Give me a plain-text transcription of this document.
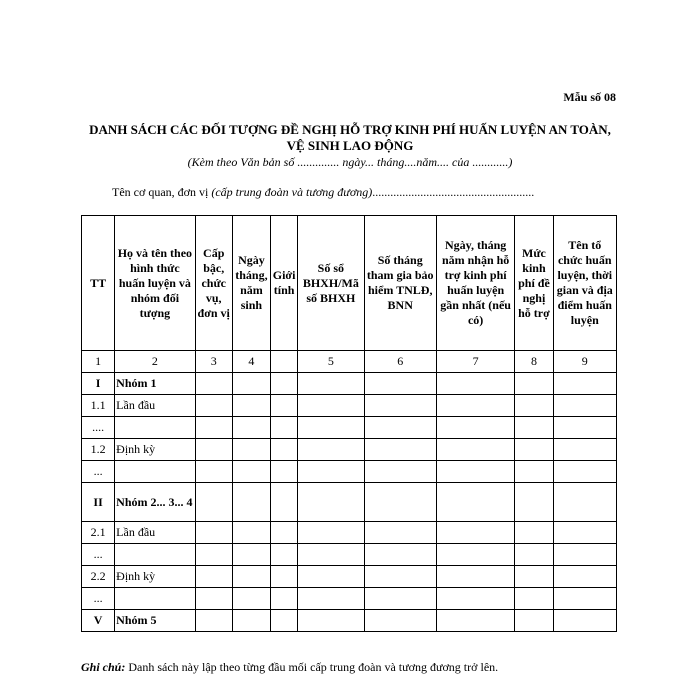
Mẫu số 08
DANH SÁCH CÁC ĐỐI TƯỢNG ĐỀ NGHỊ HỖ TRỢ KINH PHÍ HUẤN LUYỆN AN TOÀN, VỆ SINH LAO ĐỘNG
(Kèm theo Văn bản số .............. ngày... tháng....năm.... của ............)
Tên cơ quan, đơn vị (cấp trung đoàn và tương đương)......................................................
TT	Họ và tên theo hình thức huấn luyện và nhóm đối tượng	Cấp bậc, chức vụ, đơn vị	Ngày tháng, năm sinh	Giới tính	Số sổ BHXH/Mã số BHXH	Số tháng tham gia bảo hiểm TNLĐ, BNN	Ngày, tháng năm nhận hỗ trợ kinh phí huấn luyện gần nhất (nếu có)	Mức kinh phí đề nghị hỗ trợ	Tên tổ chức huấn luyện, thời gian và địa điểm huấn luyện
1	2	3	4		5	6	7	8	9
I	Nhóm 1								
1.1	Lần đầu								
....									
1.2	Định kỳ								
...									
II	Nhóm 2... 3... 4								
2.1	Lần đầu								
...									
2.2	Định kỳ								
...									
V	Nhóm 5								
Ghi chú: Danh sách này lập theo từng đầu mối cấp trung đoàn và tương đương trở lên.
